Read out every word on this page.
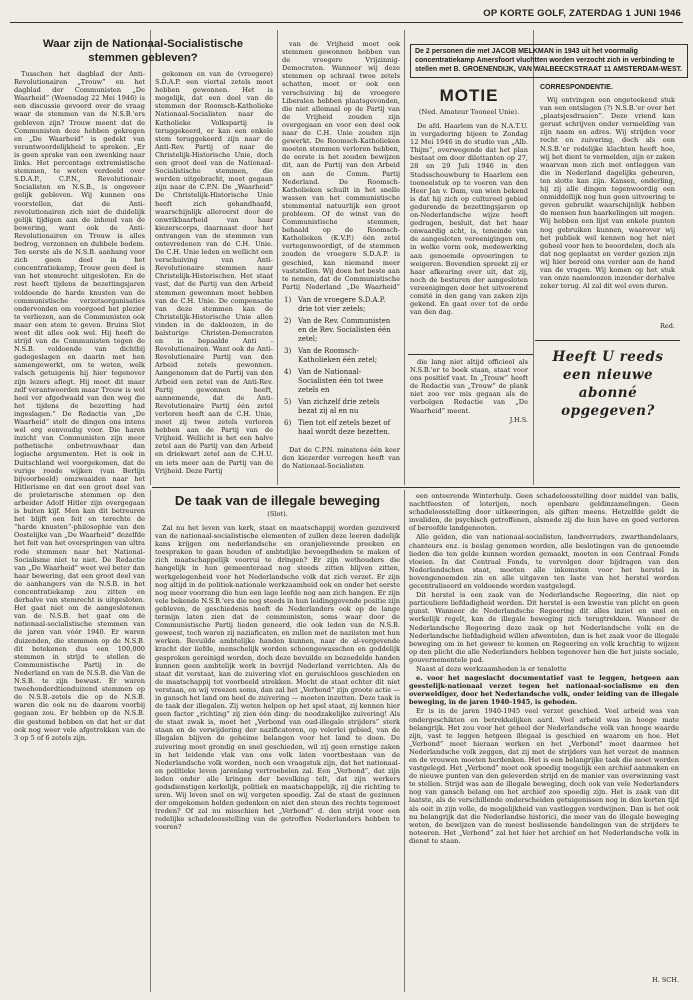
OP KORTE GOLF, ZATERDAG 1 JUNI 1946
Waar zijn de Nationaal-Socialistische
stemmen gebleven?

Tusschen het dagblad der Anti-Revolutionairen „Trouw” en het dagblad der Communisten „De Waarheid” (Woensdag 22 Mei 1946) is een discussie gevoerd over de vraag waar de stemmen van de N.S.B.'ers gebleven zijn? Trouw meent dat de Communisten deze hebben gekregen en „De Waarheid” is gedekt van verantwoordelijkheid te spreken. „Er is geen sprake van een zwenking naar links. Het percentage extremistische stemmen, te weten verdeeld over S.D.A.P., C.P.N., Revolutionair-Socialisten en N.S.B., is ongeveer gelijk gebleven. Wij kunnen ons voorstellen, dat de Anti-revolutionairen zich niet de duidelijk gelijk tijdigen aan de inhoud van de bewering, want ook de Anti-Revolutionairen en Trouw is alles bedrog, verzonnen en dubbele bodem. Ten eerste als de N.S.B. aanhang voor zich geen deel in het concentratiekamp, Trouw geen deel is van het stemrecht uitgesloten. En de rest heeft tijdens de bezettingsjaren voldoende de harde knusten van de communistische verzetsorganisaties ondervonden om voorgoed het plezier te verliezen, aan de Communisten ook maar een stem te geven. Bruins Slot weet dit alles ook wel. Hij heeft de strijd van de Communisten tegen de N.S.B. voldoende van dichtbij gadegeslagen en daarin met hen samengewerkt, om te weten, welk valsch getuigenis hij hier tegenover zijn lezers aflegt. Hij moet dit maar zelf verantwoorden maar Trouw is wel heel ver afgedwaald van den weg die het tijdens de bezetting had ingeslagen.” De Redactie van „De Waarheid” stelt de dingen ons intens wel erg eenvoudig voor. Die haren inzicht van Communisten zijn meer pathetische onbetrouwbaar dan logische argumenten. Het is ook in Duitschland wel voorgekomen, dat de vurige roode wijken (van Berlijn bijvoorbeeld) omzwaaiden naar het Hitlerisme en dat een groot deel van de proletarische stemmen op den arbeider Adolf Hitler zijn overgegaan is buiten kijf. Men kan dit betreuren het blijft een feit en terechte de “harde knusten”-philosophie van den Oostelijke van „De Waarheid” dezelfde het feit van het overspringen van ultra rode stemmen naar het National-Socialisme niet te niet. De Redactie van „De Waarheid” weet wel beter dan haar bewering, dat een groot deel van de aanhangers van de N.S.B. in het concentratiekamp zou zitten en derhalve van stemrecht is uitgesloten. Het gaat niet om de aangeslotenen van de N.S.B. het gaat om de nationaal-socialistische stemmen van de jaren van vóór 1940. Er waren duizenden, die stemmen op de N.S.B. dit betekenen dus een 100,000 stemmen in strijd te stellen de Communistische Partij in de Nederland en van de N.S.B. die Van de N.S.B. te zijn bewust. Er waren tweehonderdtienduizend stemmen op de N.S.B.-zetels die op de N.S.B. waren die ook nu de daarom voorbij gegaan zou. Er hebben op de N.S.B. die gestemd hebben en dat het er dat ook nog weer vele afgetrokken van de 3 op 5 of 6 zetels zijn.

gekomen en van de (vroegere) S.D.A.P. een viertal zetels moet hebben gewonnen. Het is mogelijk, dat een deel van de stemmen der Roomsch-Katholieke Nationaal-Socialisten naar de Katholieke Volkspartij is teruggekeerd, er kan een enkele stem teruggekeerd zijn naar de Anti-Rev. Partij of naar de Christelijk-Historische Unie, doch een groot deel van de Nationaal-Socialistische stemmen, die werden uitgebracht, moet gegaan zijn naar de C.P.N. De „Waarheid” De Christelijk-Historische Unie heeft zich gehandhaafd, waarschijnlijk allereerst door de onwrikbaarheid van haar kiezerscorps, daarnaast door het ontvangen van de stemmen van ontevredenen van de C.H. Unie. De C.H. Unie leden en wellicht een verschuiving van Anti-Revolutionaire stemmen naar Christelijk-Historischen. Het staat vast, dat de Partij van den Arbeid stemmen gewonnen moet hebben van de C.H. Unie. De compensatie van deze stemmen kan de Christelijk-Historische Unie allen vinden in de dakloozen, in de balsturige Christen-Democraten en in bepaalde Anti - Revolutionairen. Want ook de Anti-Revolutionaire Partij van den Arbeid zetels gewonnen. Aangenomen dat de Partij van den Arbeid een zetel van de Anti-Rev. Partij gewonnen heeft, aannemende, dat de Anti-Revolutionaire Partij één zetel verloren heeft aan de C.H. Unie, moet zij twee zetels verloren hebben aan de Partij van de Vrijheid. Wellicht is het een halve zetel aan de Partij van den Arbeid en driekwart zetel aan de C.H.U. en iets meer aan de Partij van de Vrijheid. Deze Partij

van de Vrijheid moet ook stemmen gewonnen hebben van de vroegere Vrijzinnig-Democraten. Wanneer wij deze stemmen op schraal twee zetels schatten, moet er ook een verschuiving bij de vroegere Liberalen hebben plaatsgevonden, die niet allemaal op de Partij van de Vrijheid zouden zijn overgegaan en voor een deel ook naar de C.H. Unie zouden zijn gewerkt. De Roomsch-Katholieken moeten stemmen verloren hebben, de eerste is het zouden bewijzen dit, aan de Partij van den Arbeid en aan de Comm. Partij Nederland. De Roomsch-Katholieken schuilt in het snelle wassen van het communistische stemmental natuurlijk een groot probleem. Of de winst van de Communistische stemmen, behaald op de Roomsch-Katholieken (K.V.P.) één zetel vertegenwoordigt, of de stemmen zouden de vroegere S.D.A.P. is geschied, kan niemand meer vaststellen. Wij doen het beste aan te nemen, dat de Communistische Partij Nederland „De Waarheid”

1) Van de vroegere S.D.A.P. drie tot vier zetels;
2) Van de Rev. Communisten en de Rev. Socialisten één zetel;
3) Van de Roomsch-Katholieken één zetel;
4) Van de Nationaal-Socialisten één tot twee zetels en
5) Van zichzelf drie zetels bezat zij al en nu
6) Tien tot elf zetels bezet of haal wordt deze bezetten.

Dat de C.P.N. minstens één keer den kiezerder verregen heeft van de Nationaal-Socialisten

De 2 personen die met JACOB MELKMAN in 1943 uit het voormalig concentratiekamp Amersfoort vluchtten worden verzocht zich in verbinding te stellen met B. GROENENDIJK, VAN WALBEECKSTRAAT 11 AMSTERDAM-WEST.
MOTIE

(Ned. Amateur Tooneel Unie).

De afd. Haarlem van de N.A.T.U. in vergadering bijeen te Zondag 12 Mei 1946 in de studio van „Alb. Thijm”, overwegende dat het plan bestaat om door dilettanten op 27, 28 en 29 Juli 1946 in den Stadsschouwburg te Haarlem een tooneelstuk op te voeren van den Heer Jan v. Dam, van wien bekend is dat hij zich op cultureel gebied gedurende de bezettingsjaren op on-Nederlandsche wijze heeft gedragen, besluit, dat het haar onwaardig acht, is, teneinde van de aangesloten vereenigingen om, in welke vorm ook, medewerking aan genoemde opvoeringen te weigeren. Bovendien spreekt zij er haar afkeuring over uit, dat zij, noch de besturen der aangesloten vereenigingen door het uitvoerend comité in den gang van zaken zijn gekend. En gaat over tot de orde van den dag.

CORRESPONDENTIE.

Wij ontvingen een ongeteekend stuk van een ontslagen (?) N.S.B.'er over het „plaatsjesdraaien”. Deze vriend kan gerust schrijven onder vermelding van zijn naam en adres. Wij strijden voor recht en zuivering, doch als een N.S.B.'er redelijke klachten heeft hoe, wij het dient te vermelden, zijn er zaken waarvan men zich met ontleggen van die in Nederland dagelijks gebeuren, ten slotte kan zijn. Kansen, onderling, hij zij alle dingen tegenwoordig een onmiddellijk nog hun geen uitvoering te geven gebruikt waarschijnlijk hebben de mensen hun haarkelingen uit mogen. Wij hebben een lijst van enkele punten nog gebruiken kunnen, waarover wij het publiek wel kennen nog het niet geheel voor hen te beoordelen, doch als dat nog geplaatst en verder gezien zijn wij hier bereid ons verder aan de hand van de vragen. Wij komen op het stuk van onze naamloozen inzender derhalve zeker terug. Al zal dit wel even duren.

Red.

Heeft U reeds
een nieuwe
abonné
opgegeven?

die lang niet altijd officieel als N.S.B.'er te boek staan, staat voor ons positief vast. In „Trouw” heeft de Redactie van „Trouw” de plank niet zoo ver mis gegaan als de verbolgen Redactie van „De Waarheid” meent.

J.H.S.

De taak van de illegale beweging

(Slot).

Zal nu het leven van kerk, staat en maatschappij worden gezuiverd van de nationaal-socialistische elementen of zullen deze leeren dadelijk kans krijgen om nederlandsche en oranjelievende preeken en toespraken te gaan houden of ambtelijke bevoegdheden te maken of zich maatschappelijk voorrui te dringen? Er zijn wethouders die hangelijk in hun gemeenteraad nog steeds zitten blijven zitten, werkgelegenheid voor het Nederlandsche volk dat zich verzet. Er zijn nog altijd in de politiek-nationale werkzaamheid ook en onder het eerste nog meer voorrang die hun een lage leefde nog aan zich hangen. Er zijn vele bekende N.S.B.'ers die nog steeds in hun leidinggevende positie zijn gebleven, de geschiedenis heeft de Nederlanders ook op de lange termijn laten zien dat de communisten, soms waar door de Communistische Partij lieden geneerd, die ook leden van de N.S.B. geweest, toch waren zij naziaficaten, en zullen met de naziisten met hun werken. Bevuilde ambtelijke handen kunnen, naar de al-vergevende kracht der liefde, menschelijk worden schoongewasschen en goddelijk gesproken gereinigd worden, doch deze bevuilde en bezoedelde handen kunnen geen ambtelijk werk in bevrijd Nederland verrichten. Als de staat dit verstaat, kan de zuivering vlot en geruischloos geschieden en de maatschappij tot voorbeeld strekken. Mocht de staat echter dit niet verstaan, en wij vreezen soms, dan zal het „Verbond” zijn groote actie — in gansch het land om heel de zuivering — moeten inzetten. Deze taak is de taak der illegalen. Zij weten helpen op het spel staat, zij kennen hier geen factor „richting” zij zien één ding: de noodzakelijke zuivering! Als de staat zwak is, moet het „Verbond van oud-illegale strijders” sterk staan en de verwijdering der nazificatoren, op velerlei gebied, van de illegalen blijven de geheime belangen voor het land te doen. De zuivering moet grondig en snel geschieden, wil zij geen ernstige zaken in het leidende vlak van ons volk laten voortbestaan van de Nederlandsche volk worden, noch een vraagstuk zijn, dat het nationaal- en politieke leven jarenlang vertroebelen zal. Een „Verbond”, dat zijn leden onder alle kringen der bevolking telt, dat zijn werkers godsdienstigen kerkelijk, politiek en maatschappelijk, zij die richting te uren. Wij leven snel en wij vergeten spoedig. Zal de staat de gezinnen der omgekomen helden gedenken en niet den steun des rechts tegemoet treden? Of zal nu misschien het „Verbond” d. den strijd voor een redelijke schadeloosstelling van de getroffen Nederlanders hebben te voeren?

een onteerende Winterhulp. Geen schadeloosstelling door middel van balls, nachtfeesten of loterijen, noch openbare geldinzamelingen. Geen schadeloosstelling door uitkeeringen, als giften meens. Hetzelfde geldt de invaliden, de psychisch getroffenen, alsmede zij die hun have en goed verloren of beroofde landgenooten.

Alle geïden, die van nationaal-socialisten, landverraders, zwarthandelaars, chanteurs enz. is beslag genomen worden, alle beslotingen van de genoemde lieden die ten gelde kunnen worden gemaakt, moeten in een Centraal Fonds vloeien. In dat Centraal Fonds, te vervolgen door bijdragen van den Nederlandschen staat, moeten alle inkomsten voor het herstel in bovengenoemden zin en alle uitgaven ten laste van het herstel worden gecentraliseerd en voldoende worden vastgelegd.

Dit herstel is een zaak van de Nederlandsche Regeering, die niet op particuliere liefdadigheid worden. Dit herstel is een kwestie van plicht en geen gunst. Wanneer de Nederlandsche Regeering dit alles inziet en snel en werkelijk regelt, kan de illegale beweging zich terugtrekken. Wanneer de Nederlandsche Regeering deze zaak op het Nederlandsche volk en de Nederlandsche liefdadigheid willen afwentelen, dan is het zaak voor de illegale beweging om in het geweer te komen en Regeering en volk krachtig te wijzen op den plicht die alle Nederlanders hebben tegenover hen die het juiste sociale, gouvernementele pad.

Naast al deze werkzaamheden is er tenslotte

e. voor het nageslacht documentatief vast te leggen, hetgeen aan geestelijk-nationaal verzet tegen het nationaal-socialisme en den overweldiger, door het Nederlandsche volk, onder leiding van de illegale beweging, in de jaren 1940-1945, is geboden.

Er is in de jaren 1940-1945 veel verzet geschied. Veel arbeid was van ondergeschikten en betrekkelijken aard. Veel arbeid was in hooge mate belangrijk. Het zou voor het geheel der Nederlandsche volk van hooge waarde zijn, vast te leggen hetgeen illegaal is geschied en waarom en hoe. Het „Verbond” moet hieraan werken en het „Verbond” moet daarmee het Nederlandsche volk zeggen, dat zij met de strijders van het verzet de mannen en de vrouwen moeten herdenken. Het is een belangrijke taak die moet worden vastgelegd. Het „Verbond” moet ook spoedig mogelijk een archief aanmaken en de nieuwe punten van den geleverden strijd en de manier van overwinning vast te stellen. Strijd was aan de illegale beweging, doch ook van vele Nederlanders nog van gansch belang om het archief zoo spoedig zijn. Het is zaak van dit laatste, als de verschillende onderscheiden getuigenissen nog in den korten tijd als ooit in zijn volle, de mogelijkheid van vastleggen verdwijnen. Dan is het ook nu belangrijk dat die Nederlandse historici, die meer van de illegale beweging weten, de bewijzen van de meest beslissende handelingen van de strijders te noteeren. Het „Verbond” zal het hier het archief en het Nederlandsche volk in dienst te staan.

H. SCH.
